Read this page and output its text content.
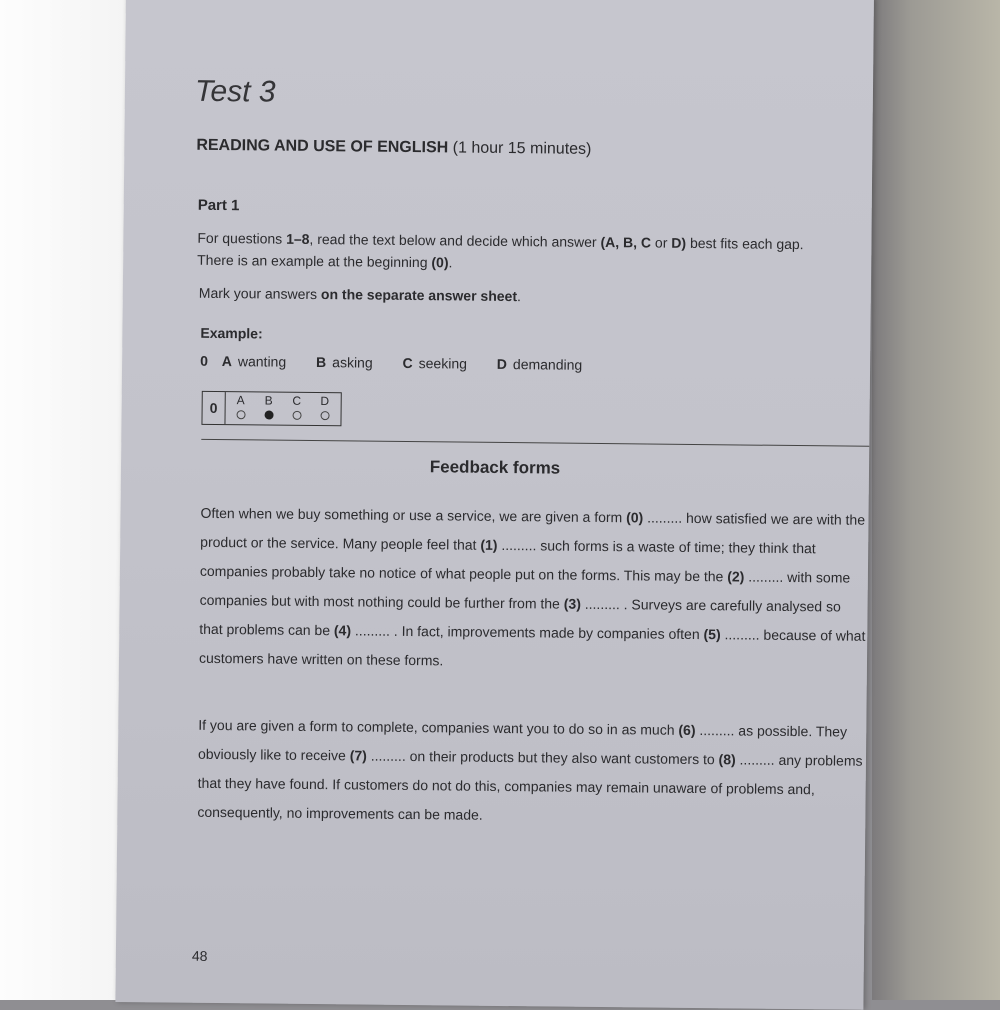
Test 3
READING AND USE OF ENGLISH (1 hour 15 minutes)
Part 1
For questions 1–8, read the text below and decide which answer (A, B, C or D) best fits each gap.
There is an example at the beginning (0).
Mark your answers on the separate answer sheet.
Example:
0 A wanting B asking C seeking D demanding
0	A	B	C	D
Feedback forms
Often when we buy something or use a service, we are given a form (0) ......... how satisfied we are with the product or the service. Many people feel that (1) ......... such forms is a waste of time; they think that companies probably take no notice of what people put on the forms. This may be the (2) ......... with some companies but with most nothing could be further from the (3) ......... . Surveys are carefully analysed so that problems can be (4) ......... . In fact, improvements made by companies often (5) ......... because of what customers have written on these forms.
If you are given a form to complete, companies want you to do so in as much (6) ......... as possible. They obviously like to receive (7) ......... on their products but they also want customers to (8) ......... any problems that they have found. If customers do not do this, companies may remain unaware of problems and, consequently, no improvements can be made.
48
